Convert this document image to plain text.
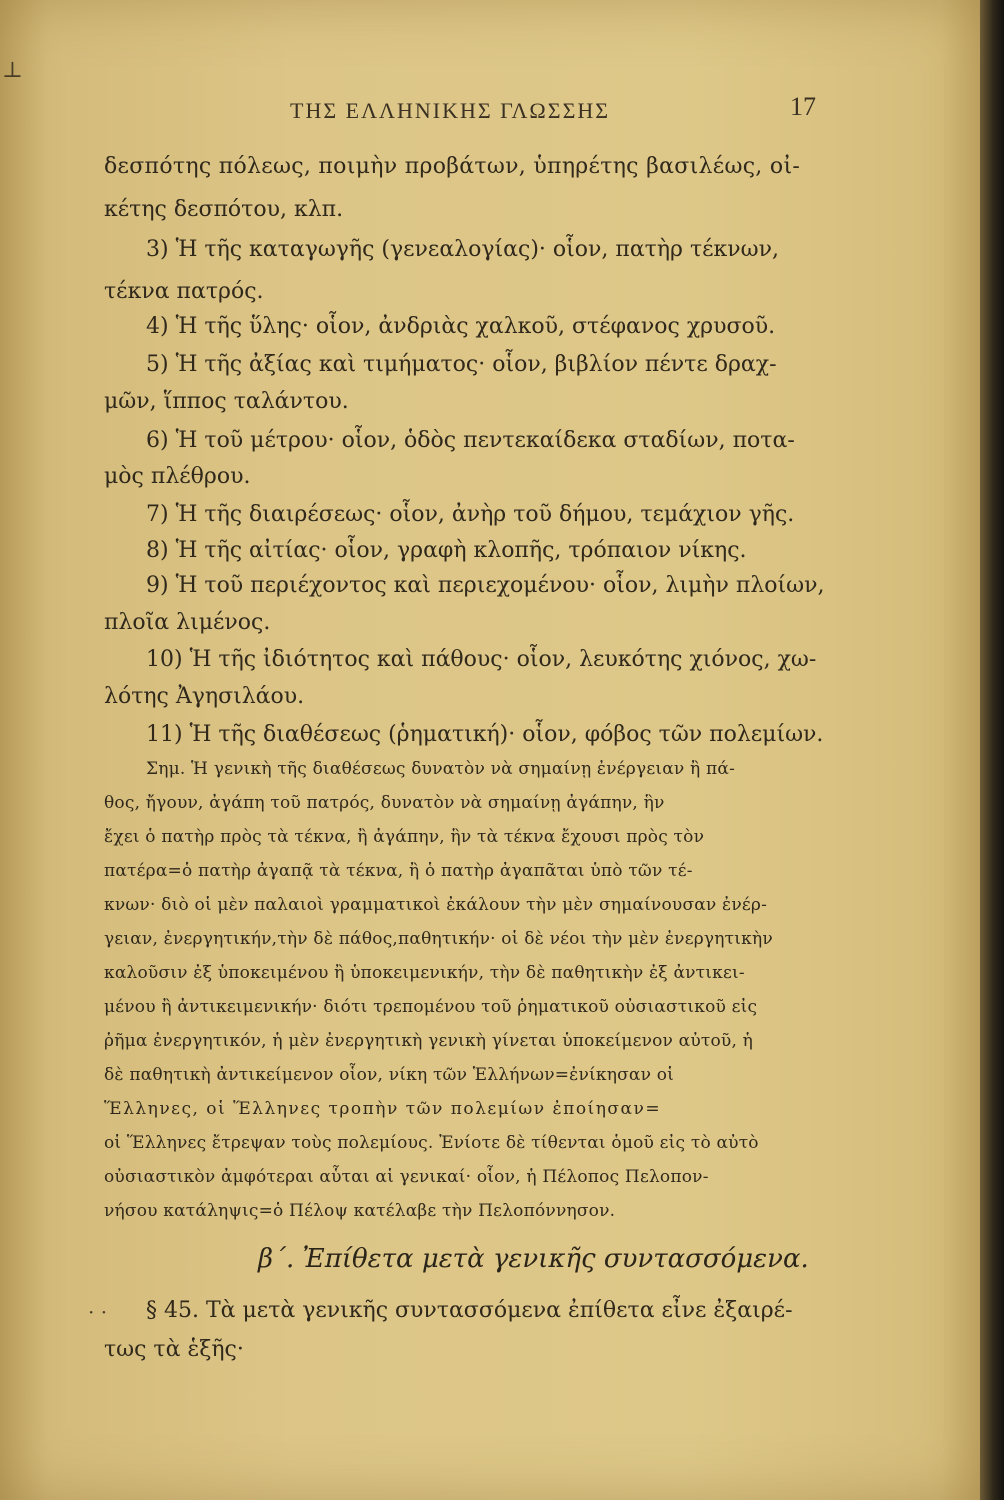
⊥
ΤΗΣ ΕΛΛΗΝΙΚΗΣ ΓΛΩΣΣΗΣ	17
δεσπότης πόλεως, ποιμὴν προβάτων, ὑπηρέτης βασιλέως, οἰ-
κέτης δεσπότου, κλπ.
3) Ἡ τῆς καταγωγῆς (γενεαλογίας)· οἷον, πατὴρ τέκνων,
τέκνα πατρός.
4) Ἡ τῆς ὕλης· οἷον, ἀνδριὰς χαλκοῦ, στέφανος χρυσοῦ.
5) Ἡ τῆς ἀξίας καὶ τιμήματος· οἷον, βιβλίον πέντε δραχ-
μῶν, ἵππος ταλάντου.
6) Ἡ τοῦ μέτρου· οἷον, ὁδὸς πεντεκαίδεκα σταδίων, ποτα-
μὸς πλέθρου.
7) Ἡ τῆς διαιρέσεως· οἷον, ἀνὴρ τοῦ δήμου, τεμάχιον γῆς.
8) Ἡ τῆς αἰτίας· οἷον, γραφὴ κλοπῆς, τρόπαιον νίκης.
9) Ἡ τοῦ περιέχοντος καὶ περιεχομένου· οἷον, λιμὴν πλοίων,
πλοῖα λιμένος.
10) Ἡ τῆς ἰδιότητος καὶ πάθους· οἷον, λευκότης χιόνος, χω-
λότης Ἀγησιλάου.
11) Ἡ τῆς διαθέσεως (ῥηματική)· οἷον, φόβος τῶν πολεμίων.
Σημ. Ἡ γενικὴ τῆς διαθέσεως δυνατὸν νὰ σημαίνῃ ἐνέργειαν ἢ πά-
θος, ἤγουν, ἀγάπη τοῦ πατρός, δυνατὸν νὰ σημαίνῃ ἀγάπην, ἣν
ἔχει ὁ πατὴρ πρὸς τὰ τέκνα, ἢ ἀγάπην, ἣν τὰ τέκνα ἔχουσι πρὸς τὸν
πατέρα=ὁ πατὴρ ἀγαπᾷ τὰ τέκνα, ἢ ὁ πατὴρ ἀγαπᾶται ὑπὸ τῶν τέ-
κνων· διὸ οἱ μὲν παλαιοὶ γραμματικοὶ ἐκάλουν τὴν μὲν σημαίνουσαν ἐνέρ-
γειαν, ἐνεργητικήν,τὴν δὲ πάθος,παθητικήν· οἱ δὲ νέοι τὴν μὲν ἐνεργητικὴν
καλοῦσιν ἐξ ὑποκειμένου ἢ ὑποκειμενικήν, τὴν δὲ παθητικὴν ἐξ ἀντικει-
μένου ἢ ἀντικειμενικήν· διότι τρεπομένου τοῦ ῥηματικοῦ οὐσιαστικοῦ εἰς
ῥῆμα ἐνεργητικόν, ἡ μὲν ἐνεργητικὴ γενικὴ γίνεται ὑποκείμενον αὐτοῦ, ἡ
δὲ παθητικὴ ἀντικείμενον οἷον, νίκη τῶν Ἑλλήνων=ἐνίκησαν οἱ
Ἕλληνες, οἱ Ἕλληνες τροπὴν τῶν πολεμίων ἐποίησαν=
οἱ Ἕλληνες ἔτρεψαν τοὺς πολεμίους. Ἐνίοτε δὲ τίθενται ὁμοῦ εἰς τὸ αὐτὸ
οὐσιαστικὸν ἀμφότεραι αὗται αἱ γενικαί· οἷον, ἡ Πέλοπος Πελοπον-
νήσου κατάληψις=ὁ Πέλοψ κατέλαβε τὴν Πελοπόννησον.
β΄. Ἐπίθετα μετὰ γενικῆς συντασσόμενα.
· · § 45. Τὰ μετὰ γενικῆς συντασσόμενα ἐπίθετα εἶνε ἐξαιρέ-
τως τὰ ἑξῆς·
